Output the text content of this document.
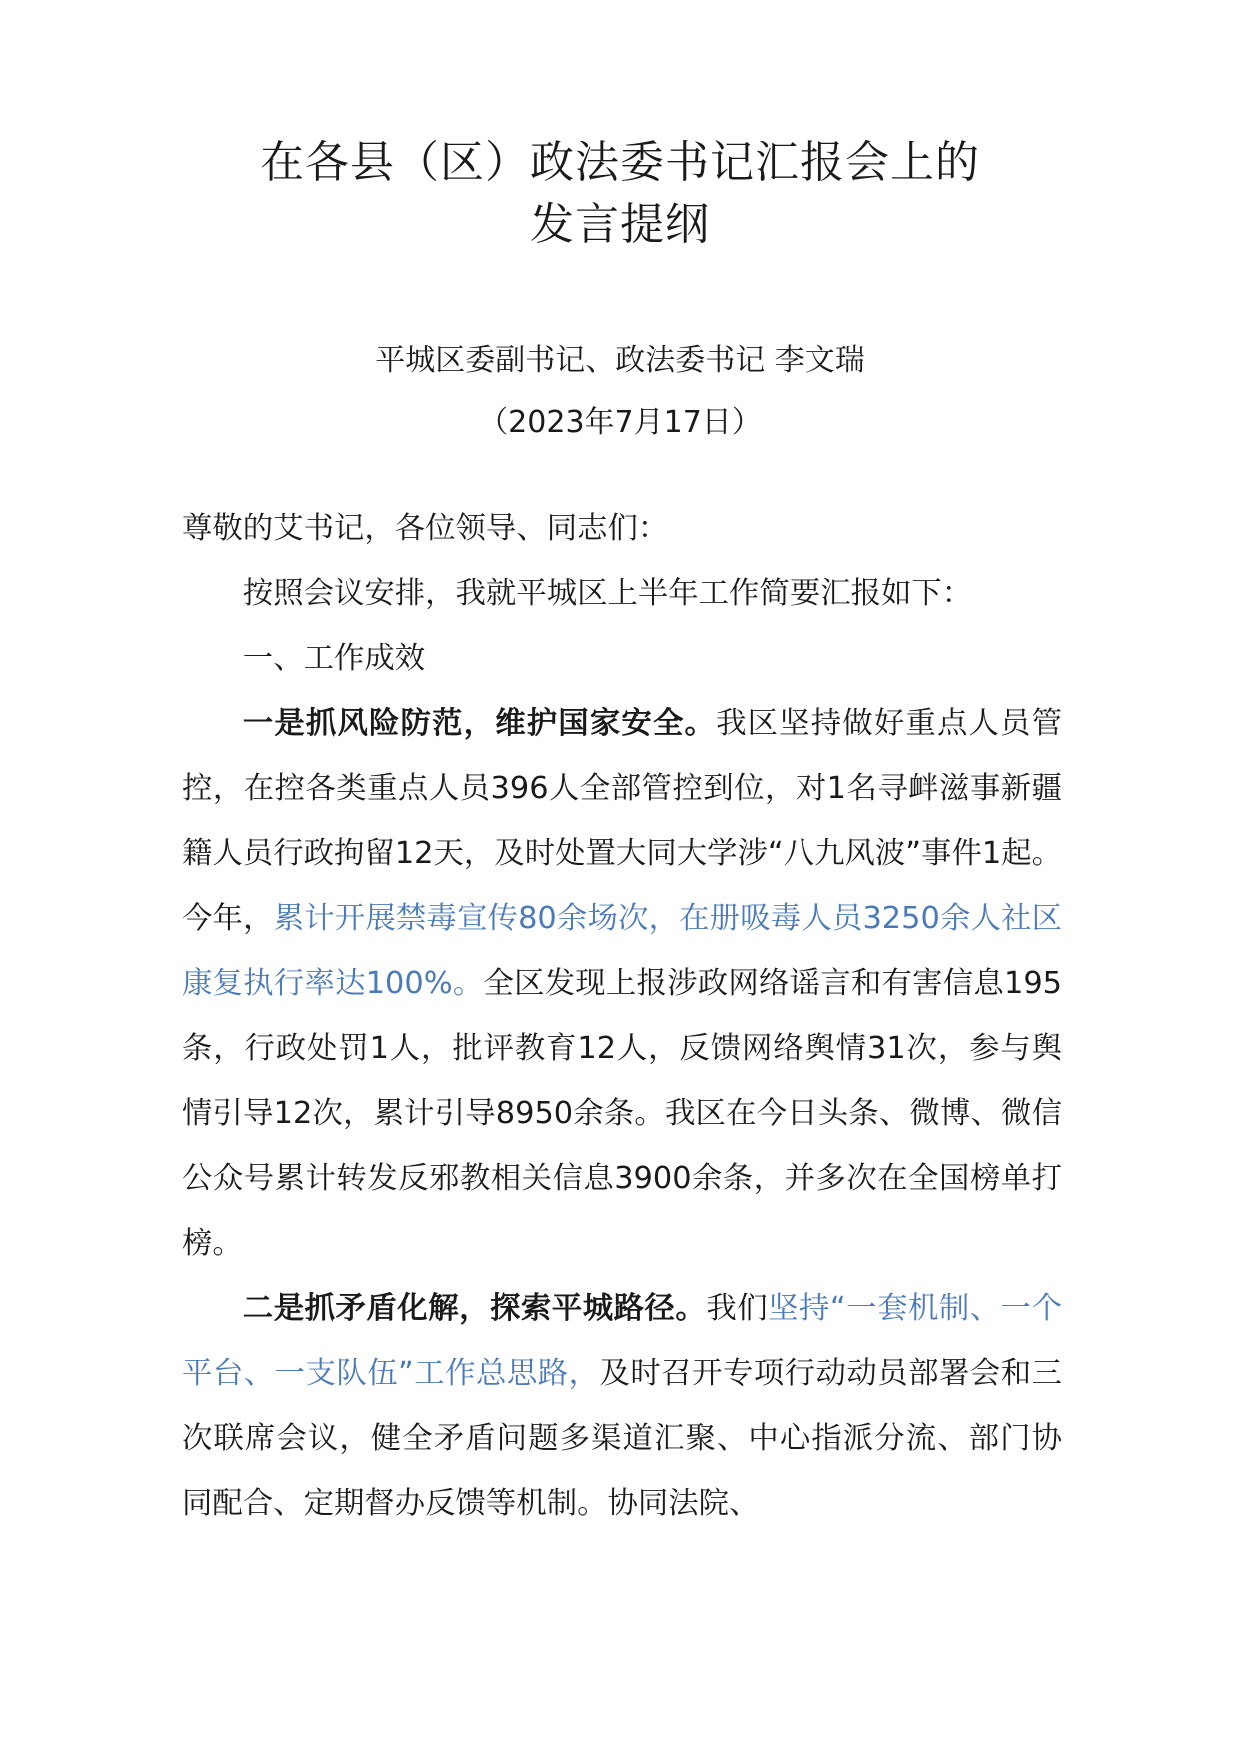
在各县（区）政法委书记汇报会上的
发言提纲
平城区委副书记、政法委书记 李文瑞
（2023年7月17日）

尊敬的艾书记，各位领导、同志们：

按照会议安排，我就平城区上半年工作简要汇报如下：

一、工作成效

一是抓风险防范，维护国家安全。我区坚持做好重点人员管控，在控各类重点人员396人全部管控到位，对1名寻衅滋事新疆籍人员行政拘留12天，及时处置大同大学涉“八九风波”事件1起。今年，累计开展禁毒宣传80余场次，在册吸毒人员3250余人社区康复执行率达100%。全区发现上报涉政网络谣言和有害信息195条，行政处罚1人，批评教育12人，反馈网络舆情31次，参与舆情引导12次，累计引导8950余条。我区在今日头条、微博、微信公众号累计转发反邪教相关信息3900余条，并多次在全国榜单打榜。

二是抓矛盾化解，探索平城路径。我们坚持“一套机制、一个平台、一支队伍”工作总思路，及时召开专项行动动员部署会和三次联席会议，健全矛盾问题多渠道汇聚、中心指派分流、部门协同配合、定期督办反馈等机制。协同法院、
